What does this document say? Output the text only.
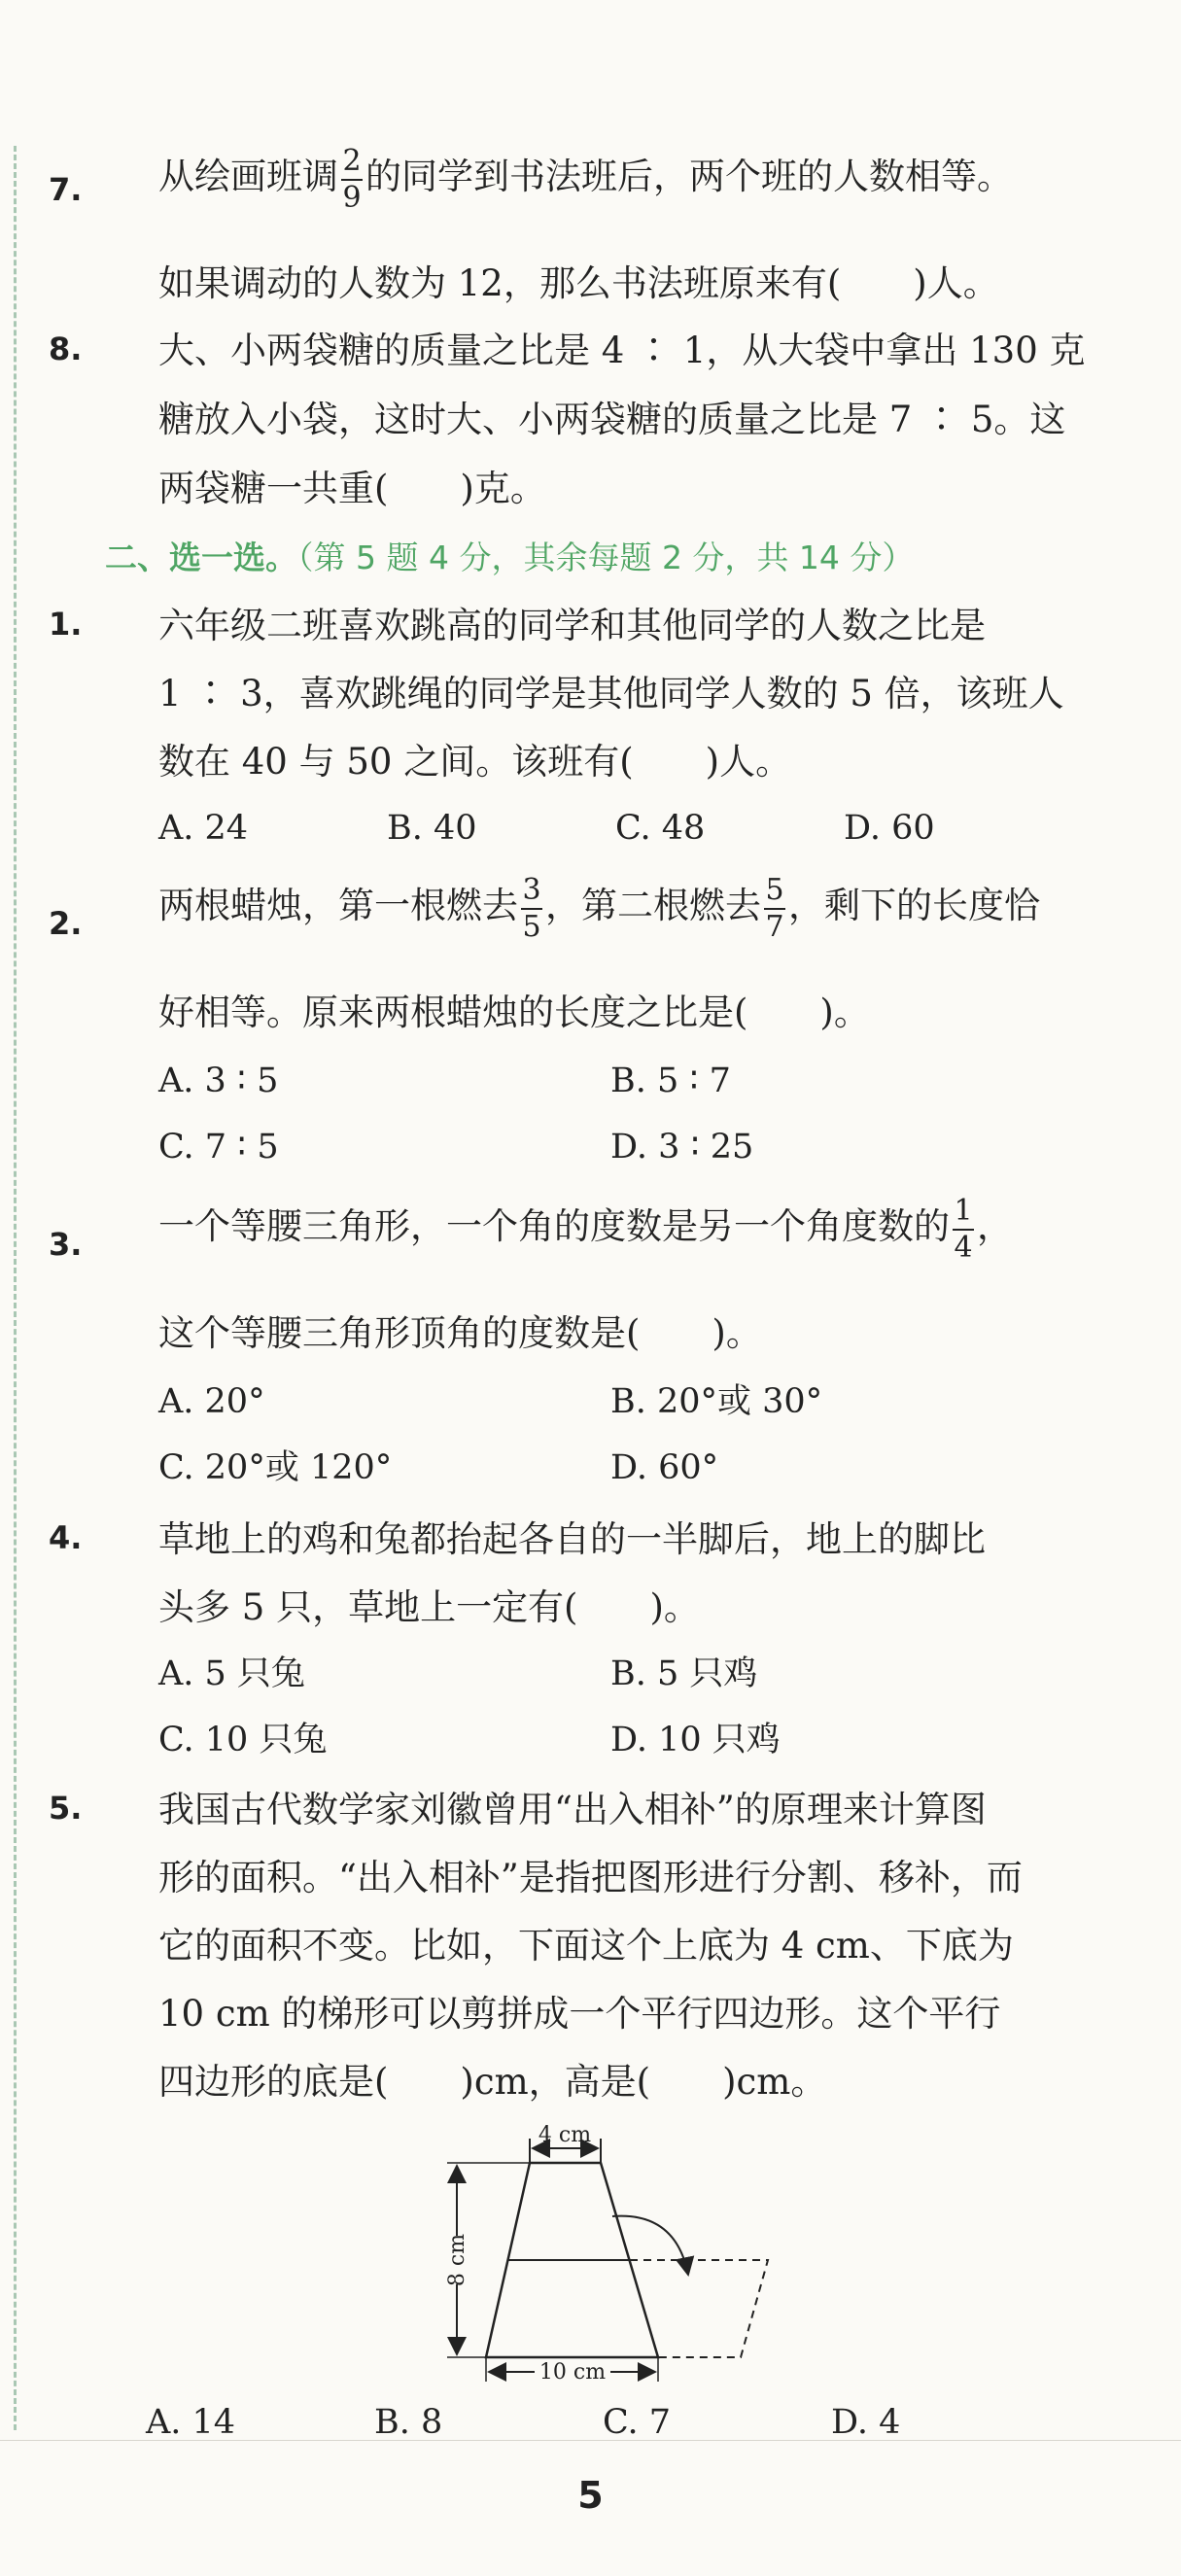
7. 从绘画班调 $\frac{2}{9}$ 的同学到书法班后，两个班的人数相等。
如果调动的人数为 12，那么书法班原来有(　　)人。
8. 大、小两袋糖的质量之比是 4 ∶ 1，从大袋中拿出 130 克
糖放入小袋，这时大、小两袋糖的质量之比是 7 ∶ 5。这
两袋糖一共重(　　)克。
二、选一选。（第 5 题 4 分，其余每题 2 分，共 14 分）
1. 六年级二班喜欢跳高的同学和其他同学的人数之比是
1 ∶ 3，喜欢跳绳的同学是其他同学人数的 5 倍，该班人
数在 40 与 50 之间。该班有(　　)人。
A. 24	B. 40	C. 48	D. 60
2. 两根蜡烛，第一根燃去 $\frac{3}{5}$ ，第二根燃去 $\frac{5}{7}$ ，剩下的长度恰
好相等。原来两根蜡烛的长度之比是(　　)。
A. 3 ∶ 5	B. 5 ∶ 7
C. 7 ∶ 5	D. 3 ∶ 25
3. 一个等腰三角形，一个角的度数是另一个角度数的 $\frac{1}{4}$ ，
这个等腰三角形顶角的度数是(　　)。
A. 20°	B. 20°或 30°
C. 20°或 120°	D. 60°
4. 草地上的鸡和兔都抬起各自的一半脚后，地上的脚比
头多 5 只，草地上一定有(　　)。
A. 5 只兔	B. 5 只鸡
C. 10 只兔	D. 10 只鸡
5. 我国古代数学家刘徽曾用“出入相补”的原理来计算图
形的面积。“出入相补”是指把图形进行分割、移补，而
它的面积不变。比如，下面这个上底为 4 cm、下底为
10 cm 的梯形可以剪拼成一个平行四边形。这个平行
四边形的底是(　　)cm，高是(　　)cm。
4 cm
8 cm
10 cm
A. 14	B. 8	C. 7	D. 4
5
